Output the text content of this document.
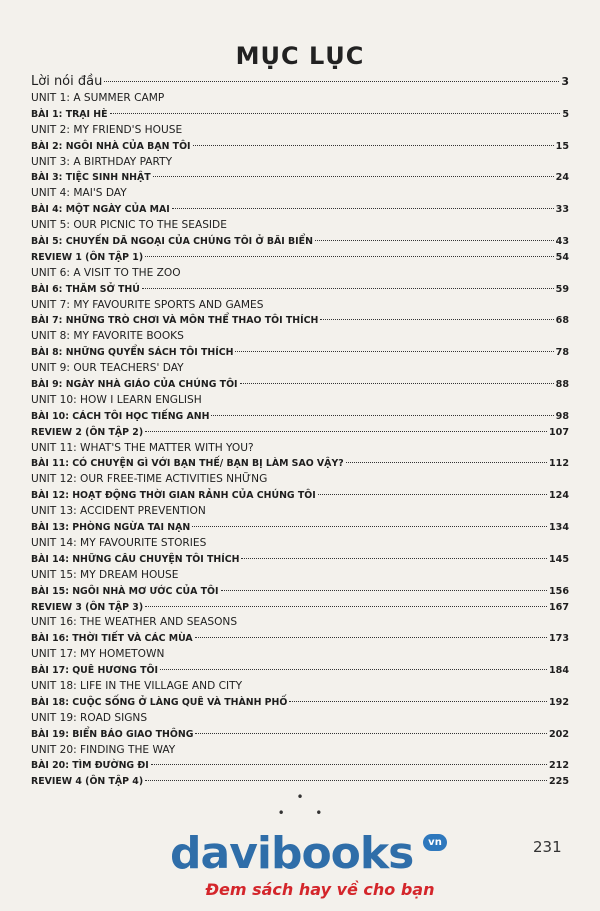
MỤC LỤC
Lời nói đầu	3
UNIT 1: A SUMMER CAMP
BÀI 1: TRẠI HÈ	5
UNIT 2: MY FRIEND'S HOUSE
BÀI 2: NGÔI NHÀ CỦA BẠN TÔI	15
UNIT 3: A BIRTHDAY PARTY
BÀI 3: TIỆC SINH NHẬT	24
UNIT 4: MAI'S DAY
BÀI 4: MỘT NGÀY CỦA MAI	33
UNIT 5: OUR PICNIC TO THE SEASIDE
BÀI 5: CHUYẾN DÃ NGOẠI CỦA CHÚNG TÔI Ở BÃI BIỂN	43
REVIEW 1 (ÔN TẬP 1)	54
UNIT 6: A VISIT TO THE ZOO
BÀI 6: THĂM SỞ THÚ	59
UNIT 7: MY FAVOURITE SPORTS AND GAMES
BÀI 7: NHỮNG TRÒ CHƠI VÀ MÔN THỂ THAO TÔI THÍCH	68
UNIT 8: MY FAVORITE BOOKS
BÀI 8: NHỮNG QUYỂN SÁCH TÔI THÍCH	78
UNIT 9: OUR TEACHERS' DAY
BÀI 9: NGÀY NHÀ GIÁO CỦA CHÚNG TÔI	88
UNIT 10: HOW I LEARN ENGLISH
BÀI 10: CÁCH TÔI HỌC TIẾNG ANH	98
REVIEW 2 (ÔN TẬP 2)	107
UNIT 11: WHAT'S THE MATTER WITH YOU?
BÀI 11: CÓ CHUYỆN GÌ VỚI BẠN THẾ/ BẠN BỊ LÀM SAO VẬY?	112
UNIT 12: OUR FREE-TIME ACTIVITIES NHỮNG
BÀI 12: HOẠT ĐỘNG THỜI GIAN RẢNH CỦA CHÚNG TÔI	124
UNIT 13: ACCIDENT PREVENTION
BÀI 13: PHÒNG NGỪA TAI NẠN	134
UNIT 14: MY FAVOURITE STORIES
BÀI 14: NHỮNG CÂU CHUYỆN TÔI THÍCH	145
UNIT 15: MY DREAM HOUSE
BÀI 15: NGÔI NHÀ MƠ ƯỚC CỦA TÔI	156
REVIEW 3 (ÔN TẬP 3)	167
UNIT 16: THE WEATHER AND SEASONS
BÀI 16: THỜI TIẾT VÀ CÁC MÙA	173
UNIT 17: MY HOMETOWN
BÀI 17: QUÊ HƯƠNG TÔI	184
UNIT 18: LIFE IN THE VILLAGE AND CITY
BÀI 18: CUỘC SỐNG Ở LÀNG QUÊ VÀ THÀNH PHỐ	192
UNIT 19: ROAD SIGNS
BÀI 19: BIỂN BÁO GIAO THÔNG	202
UNIT 20: FINDING THE WAY
BÀI 20: TÌM ĐƯỜNG ĐI	212
REVIEW 4 (ÔN TẬP 4)	225
•
•        •
231
davibooks	vn
Đem sách hay về cho bạn
